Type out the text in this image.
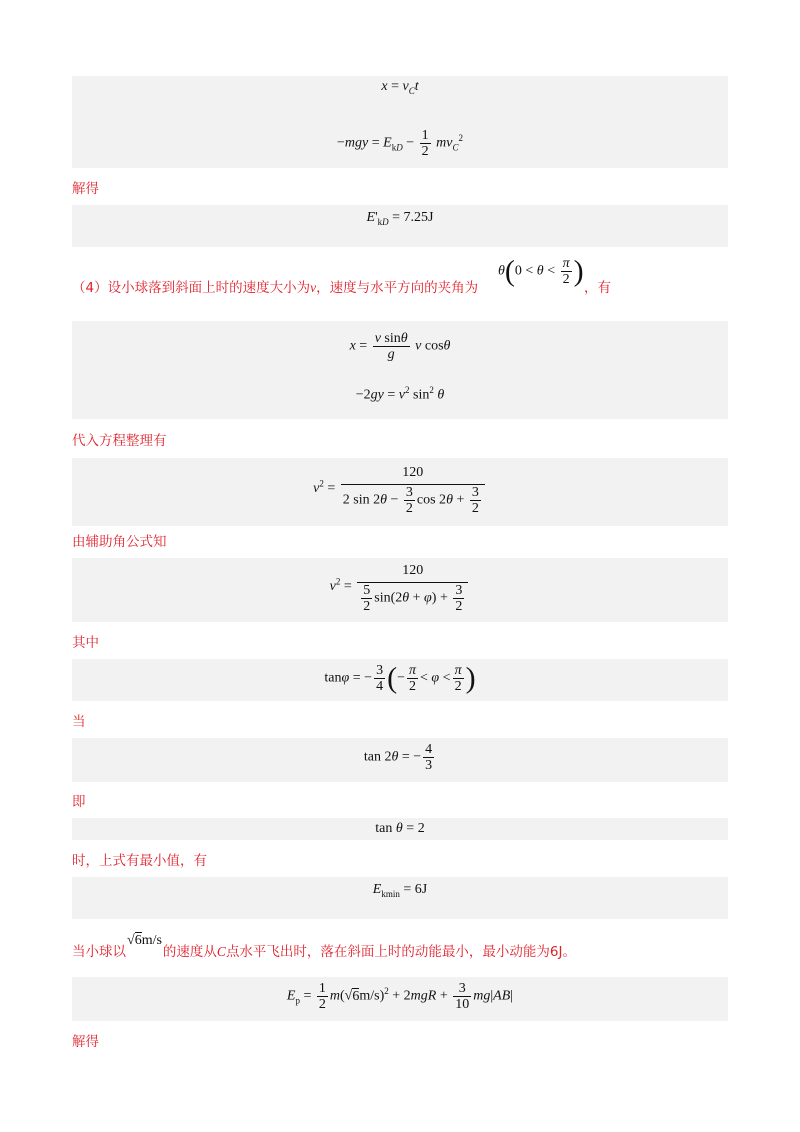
$x = v_Ct$
$-mgy = E_{kD} - \frac{1}{2} mv_C^2$
解得
$E'_{kD} = 7.25J$
（4）设小球落到斜面上时的速度大小为v，速度与水平方向的夹角为
$\theta(0 < \theta < \frac{\pi}{2}$ )
，有
$x = \frac{\text{v sinθ}}{g}$ v cosθ
$-2gy = v^2$ $\sin^2 \theta$
代入方程整理有
$v^2 = \frac{120}{2 \sin 2\theta - \frac{3}{2} \cos 2\theta + \frac{3}{2}}$
由辅助角公式知
$v^2 = \frac{120}{\frac{5}{2} \sin(2\theta + \varphi) + \frac{3}{2}}$
其中
tanφ = − $\frac{3}{4}$ (− $\frac{\pi}{2} < \varphi < \frac{\pi}{2}$ )
当
tan 2θ = − $\frac{4}{3}$
即
tan θ = 2
时，上式有最小值，有
$E_{kmin} = 6J$
当小球以√6m/s的速度从C点水平飞出时，落在斜面上时的动能最小，最小动能为6J。
$E_p = \frac{1}{2} m(√6m/s)^2 + 2mgR + \frac{3}{10} mg|AB|$
解得
